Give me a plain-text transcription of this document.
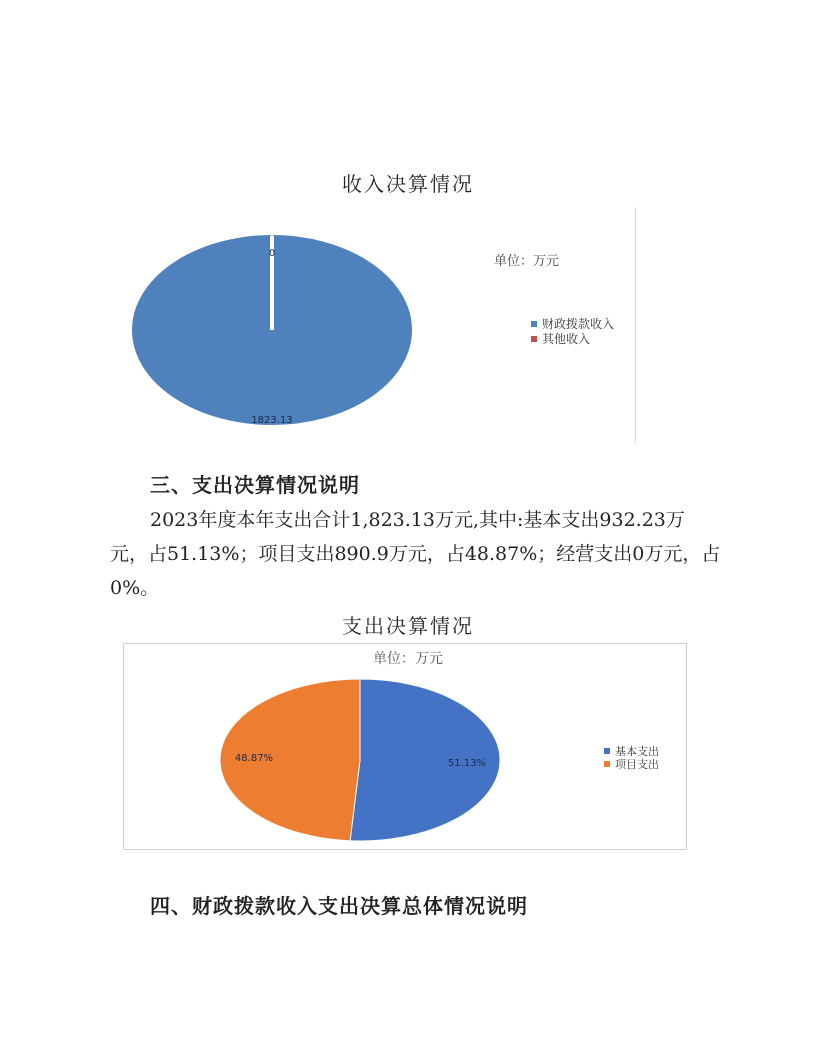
收入决算情况
1823.13
0
单位：万元
财政拨款收入
其他收入
三、支出决算情况说明
2023年度本年支出合计1,823.13万元,其中:基本支出932.23万元，占51.13%；项目支出890.9万元，占48.87%；经营支出0万元，占0%。
支出决算情况
单位：万元
51.13%
48.87%
基本支出
项目支出
四、财政拨款收入支出决算总体情况说明
